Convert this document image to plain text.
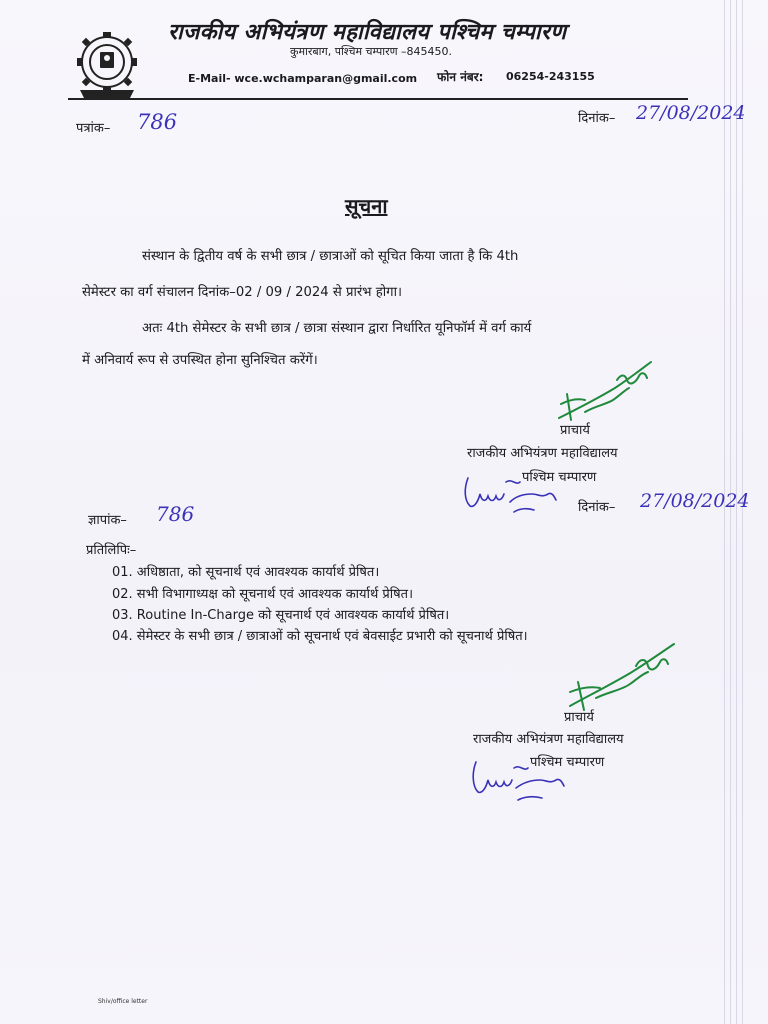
राजकीय अभियंत्रण महाविद्यालय पश्चिम चम्पारण
कुमारबाग, पश्चिम चम्पारण –845450.
E-Mail- wce.wchamparan@gmail.com फोन नंबर: 06254-243155
पत्रांक– 786	दिनांक– 27/08/2024
सूचना
संस्थान के द्वितीय वर्ष के सभी छात्र / छात्राओं को सूचित किया जाता है कि 4th
सेमेस्टर का वर्ग संचालन दिनांक–02 / 09 / 2024 से प्रारंभ होगा।
अतः 4th सेमेस्टर के सभी छात्र / छात्रा संस्थान द्वारा निर्धारित यूनिफॉर्म में वर्ग कार्य
में अनिवार्य रूप से उपस्थित होना सुनिश्चित करेंगें।
प्राचार्य
राजकीय अभियंत्रण महाविद्यालय
पश्चिम चम्पारण
ज्ञापांक– 786	दिनांक– 27/08/2024
प्रतिलिपिः–
01. अधिष्ठाता, को सूचनार्थ एवं आवश्यक कार्यार्थ प्रेषित।
02. सभी विभागाध्यक्ष को सूचनार्थ एवं आवश्यक कार्यार्थ प्रेषित।
03. Routine In-Charge को सूचनार्थ एवं आवश्यक कार्यार्थ प्रेषित।
04. सेमेस्टर के सभी छात्र / छात्राओं को सूचनार्थ एवं बेवसाईट प्रभारी को सूचनार्थ प्रेषित।
प्राचार्य
राजकीय अभियंत्रण महाविद्यालय
पश्चिम चम्पारण
Shiv/office letter
